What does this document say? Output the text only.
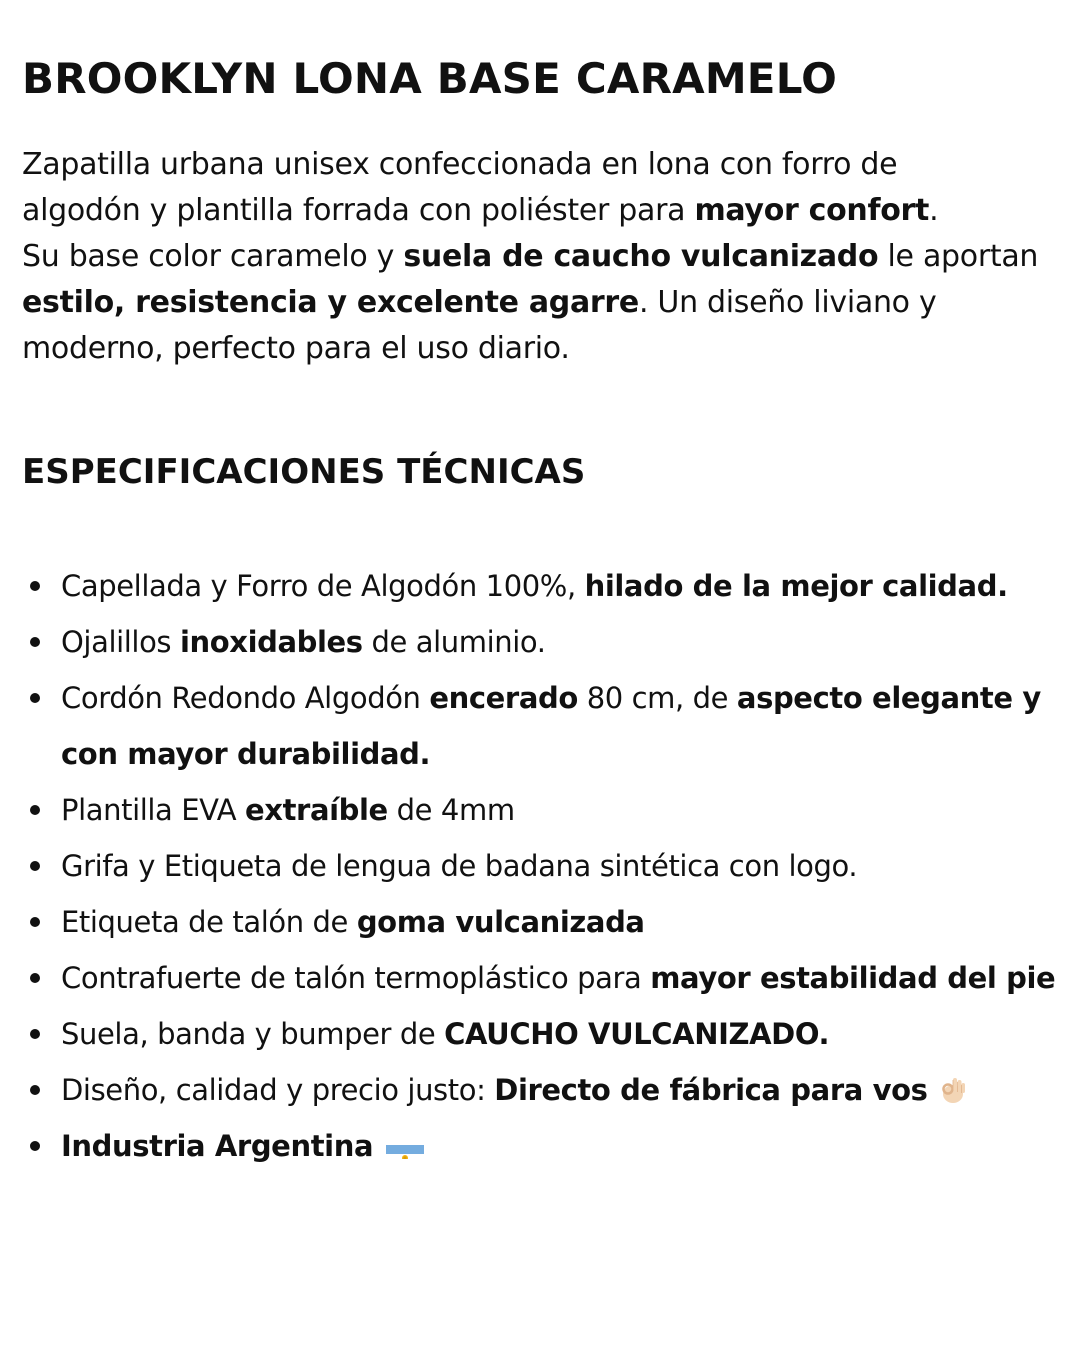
BROOKLYN LONA BASE CARAMELO

Zapatilla urbana unisex confeccionada en lona con forro de

algodón y plantilla forrada con poliéster para mayor confort.

Su base color caramelo y suela de caucho vulcanizado le aportan

estilo, resistencia y excelente agarre. Un diseño liviano y

moderno, perfecto para el uso diario.

ESPECIFICACIONES TÉCNICAS
Capellada y Forro de Algodón 100%, hilado de la mejor calidad.
Ojalillos inoxidables de aluminio.
Cordón Redondo Algodón encerado 80 cm, de aspecto elegante y con mayor durabilidad.
Plantilla EVA extraíble de 4mm
Grifa y Etiqueta de lengua de badana sintética con logo.
Etiqueta de talón de goma vulcanizada
Contrafuerte de talón termoplástico para mayor estabilidad del pie
Suela, banda y bumper de CAUCHO VULCANIZADO.
Diseño, calidad y precio justo: Directo de fábrica para vos
Industria Argentina
